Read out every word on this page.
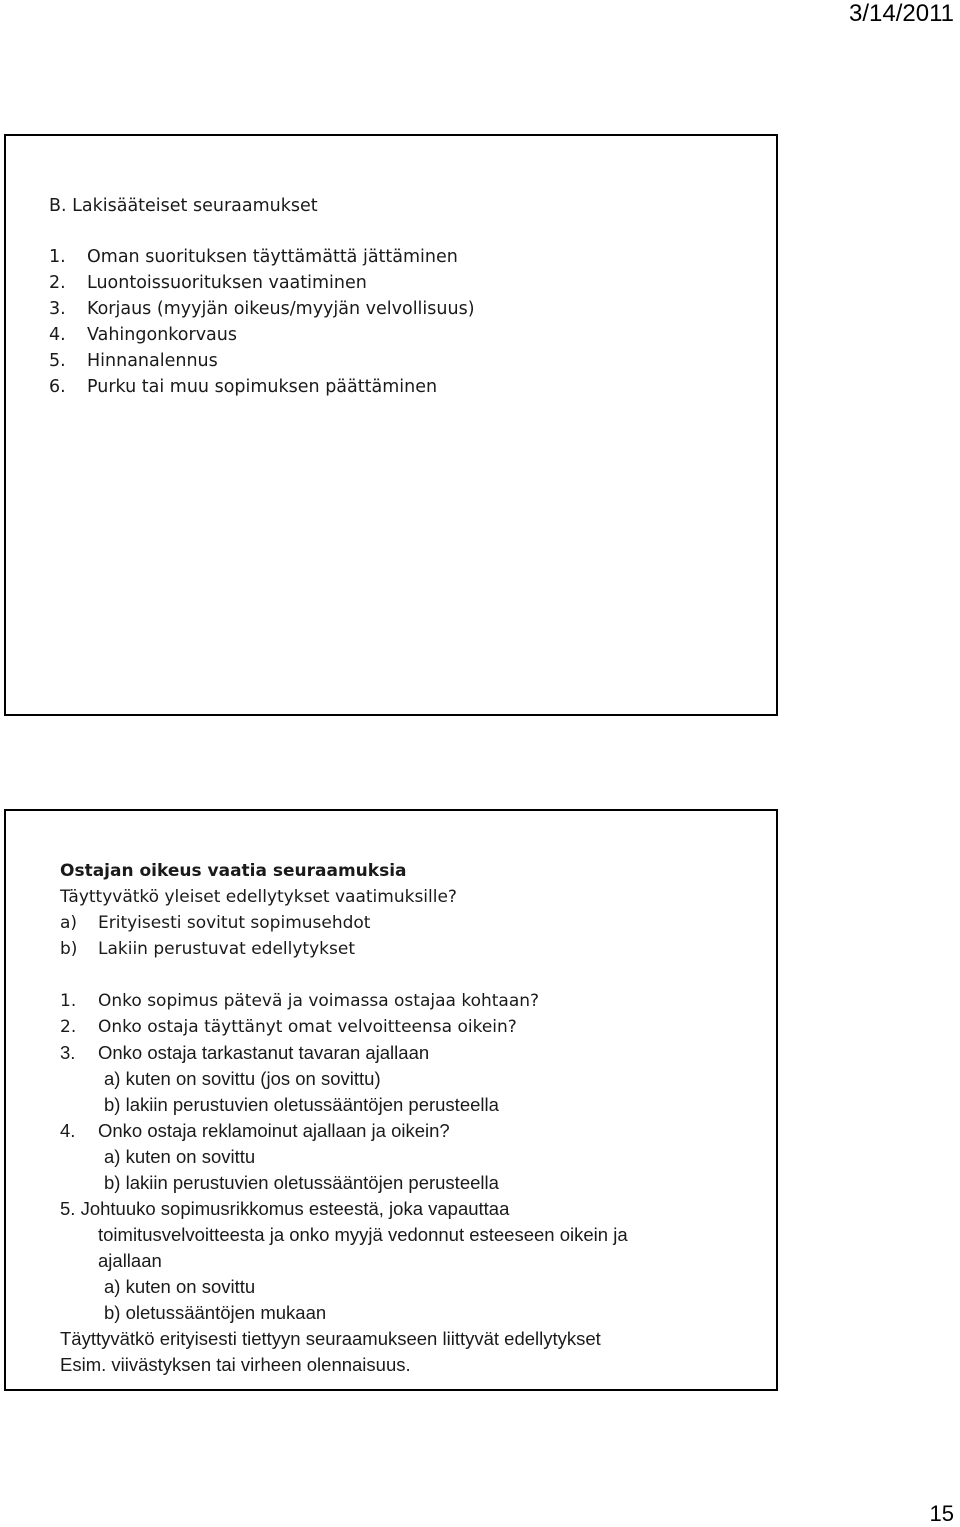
3/14/2011
B. Lakisääteiset seuraamukset
1.	Oman suorituksen täyttämättä jättäminen
2.	Luontoissuorituksen vaatiminen
3.	Korjaus (myyjän oikeus/myyjän velvollisuus)
4.	Vahingonkorvaus
5.	Hinnanalennus
6.	Purku tai muu sopimuksen päättäminen
Ostajan oikeus vaatia seuraamuksia
Täyttyvätkö yleiset edellytykset vaatimuksille?
a)	Erityisesti sovitut sopimusehdot
b)	Lakiin perustuvat edellytykset
1.	Onko sopimus pätevä ja voimassa ostajaa kohtaan?
2.	Onko ostaja täyttänyt omat velvoitteensa oikein?
3.	Onko ostaja tarkastanut tavaran ajallaan
a) kuten on sovittu (jos on sovittu)
b) lakiin perustuvien oletussääntöjen perusteella
4.	Onko ostaja reklamoinut ajallaan ja oikein?
a) kuten on sovittu
b) lakiin perustuvien oletussääntöjen perusteella
5. Johtuuko sopimusrikkomus esteestä, joka vapauttaa
toimitusvelvoitteesta ja onko myyjä vedonnut esteeseen oikein ja
ajallaan
a) kuten on sovittu
b) oletussääntöjen mukaan
Täyttyvätkö erityisesti tiettyyn seuraamukseen liittyvät edellytykset
Esim. viivästyksen tai virheen olennaisuus.
15
